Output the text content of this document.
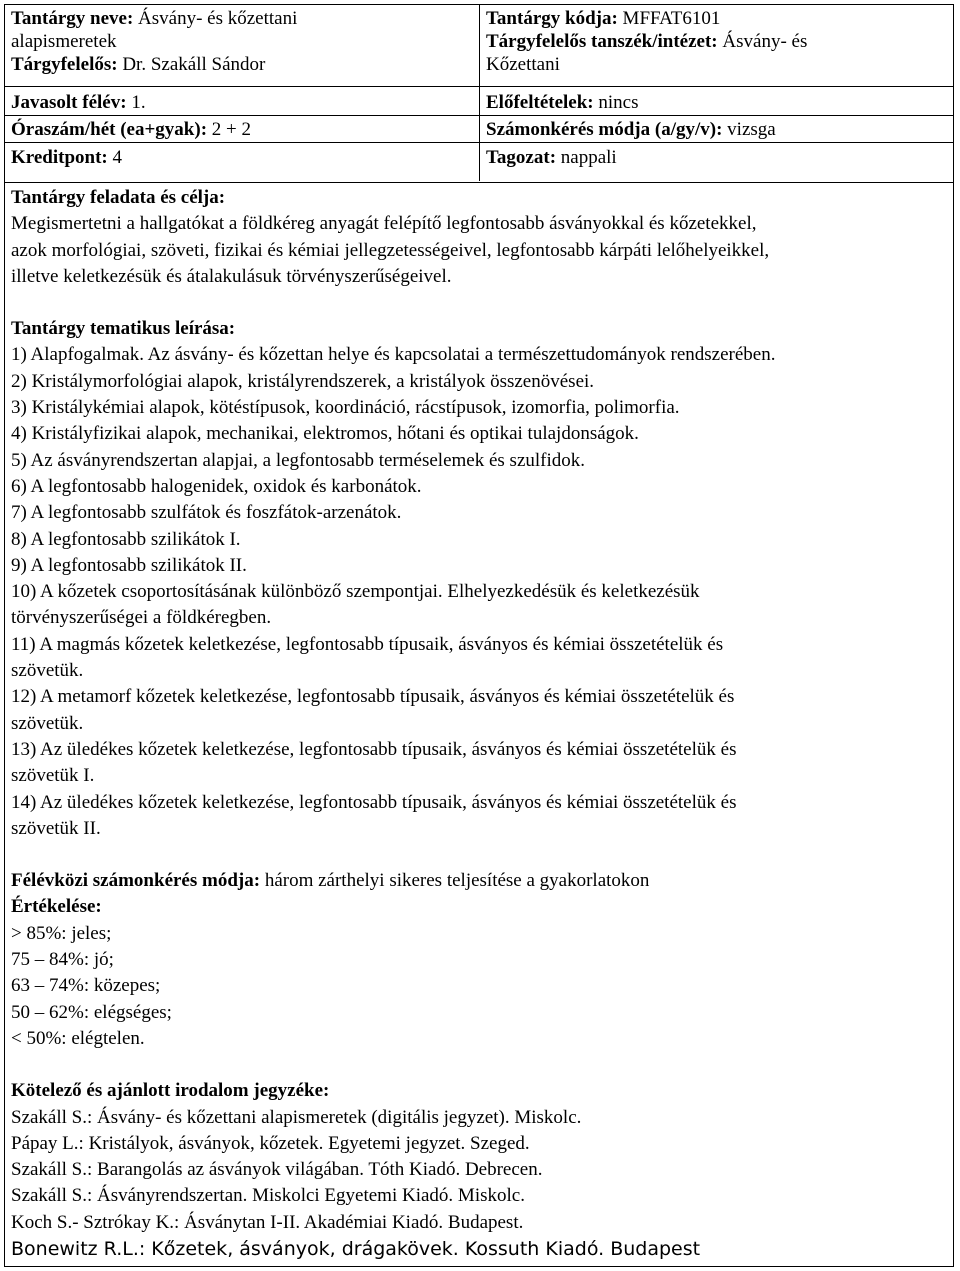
Tantárgy neve: Ásvány- és kőzettani
alapismeretek
Tárgyfelelős: Dr. Szakáll Sándor
Javasolt félév: 1.
Óraszám/hét (ea+gyak): 2 + 2
Kreditpont: 4
Tantárgy kódja: MFFAT6101
Tárgyfelelős tanszék/intézet: Ásvány- és
Kőzettani
Előfeltételek: nincs
Számonkérés módja (a/gy/v): vizsga
Tagozat: nappali

Tantárgy feladata és célja:

Megismertetni a hallgatókat a földkéreg anyagát felépítő legfontosabb ásványokkal és kőzetekkel,

azok morfológiai, szöveti, fizikai és kémiai jellegzetességeivel, legfontosabb kárpáti lelőhelyeikkel,

illetve keletkezésük és átalakulásuk törvényszerűségeivel.

Tantárgy tematikus leírása:

1) Alapfogalmak. Az ásvány- és kőzettan helye és kapcsolatai a természettudományok rendszerében.

2) Kristálymorfológiai alapok, kristályrendszerek, a kristályok összenövései.

3) Kristálykémiai alapok, kötéstípusok, koordináció, rácstípusok, izomorfia, polimorfia.

4) Kristályfizikai alapok, mechanikai, elektromos, hőtani és optikai tulajdonságok.

5) Az ásványrendszertan alapjai, a legfontosabb terméselemek és szulfidok.

6) A legfontosabb halogenidek, oxidok és karbonátok.

7) A legfontosabb szulfátok és foszfátok-arzenátok.

8) A legfontosabb szilikátok I.

9) A legfontosabb szilikátok II.

10) A kőzetek csoportosításának különböző szempontjai. Elhelyezkedésük és keletkezésük

törvényszerűségei a földkéregben.

11) A magmás kőzetek keletkezése, legfontosabb típusaik, ásványos és kémiai összetételük és

szövetük.

12) A metamorf kőzetek keletkezése, legfontosabb típusaik, ásványos és kémiai összetételük és

szövetük.

13) Az üledékes kőzetek keletkezése, legfontosabb típusaik, ásványos és kémiai összetételük és

szövetük I.

14) Az üledékes kőzetek keletkezése, legfontosabb típusaik, ásványos és kémiai összetételük és

szövetük II.

Félévközi számonkérés módja: három zárthelyi sikeres teljesítése a gyakorlatokon

Értékelése:

> 85%: jeles;

75 – 84%: jó;

63 – 74%: közepes;

50 – 62%: elégséges;

< 50%: elégtelen.

Kötelező és ajánlott irodalom jegyzéke:

Szakáll S.: Ásvány- és kőzettani alapismeretek (digitális jegyzet). Miskolc.

Pápay L.: Kristályok, ásványok, kőzetek. Egyetemi jegyzet. Szeged.

Szakáll S.: Barangolás az ásványok világában. Tóth Kiadó. Debrecen.

Szakáll S.: Ásványrendszertan. Miskolci Egyetemi Kiadó. Miskolc.

Koch S.- Sztrókay K.: Ásványtan I-II. Akadémiai Kiadó. Budapest.

Bonewitz R.L.: Kőzetek, ásványok, drágakövek. Kossuth Kiadó. Budapest
